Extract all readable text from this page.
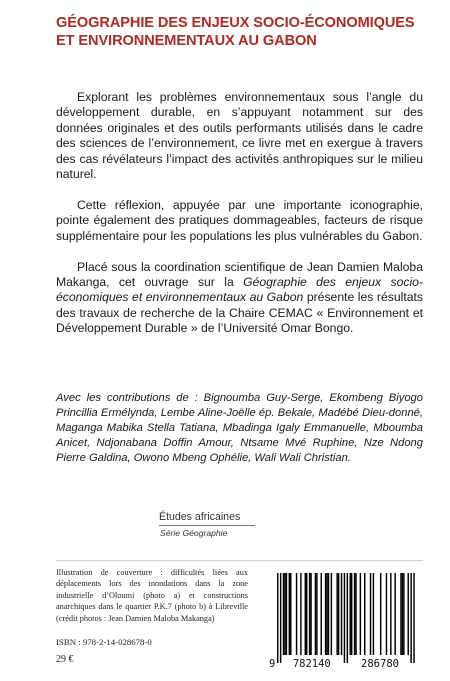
GÉOGRAPHIE DES ENJEUX SOCIO-ÉCONOMIQUES
ET ENVIRONNEMENTAUX AU GABON

Explorant les problèmes environnementaux sous l’angle du développement durable, en s’appuyant notamment sur des données originales et des outils performants utilisés dans le cadre des sciences de l’environnement, ce livre met en exergue à travers des cas révélateurs l’impact des activités anthropiques sur le milieu naturel.

Cette réflexion, appuyée par une importante iconographie, pointe également des pratiques dommageables, facteurs de risque supplémentaire pour les populations les plus vulnérables du Gabon.

Placé sous la coordination scientifique de Jean Damien Maloba Makanga, cet ouvrage sur la Géographie des enjeux socio-économiques et environnementaux au Gabon présente les résultats des travaux de recherche de la Chaire CEMAC « Environnement et Développement Durable » de l’Université Omar Bongo.

Avec les contributions de : Bignoumba Guy-Serge, Ekombeng Biyogo Princillia Ermélynda, Lembe Aline-Joëlle ép. Bekale, Madébé Dieu-donné, Maganga Mabika Stella Tatiana, Mbadinga Igaly Emmanuelle, Mboumba Anicet, Ndjonabana Doffin Amour, Ntsame Mvé Ruphine, Nze Ndong Pierre Galdina, Owono Mbeng Ophélie, Wali Wali Christian.
Études africaines
Série Géographie
Illustration de couverture : difficultés liées aux déplacements lors des inondations dans la zone industrielle d’Oloumi (photo a) et constructions anarchiques dans le quartier P.K.7 (photo b) à Libreville (crédit photos : Jean Damien Maloba Makanga)
ISBN : 978-2-14-028678-0
29 €	9 782140	286780
